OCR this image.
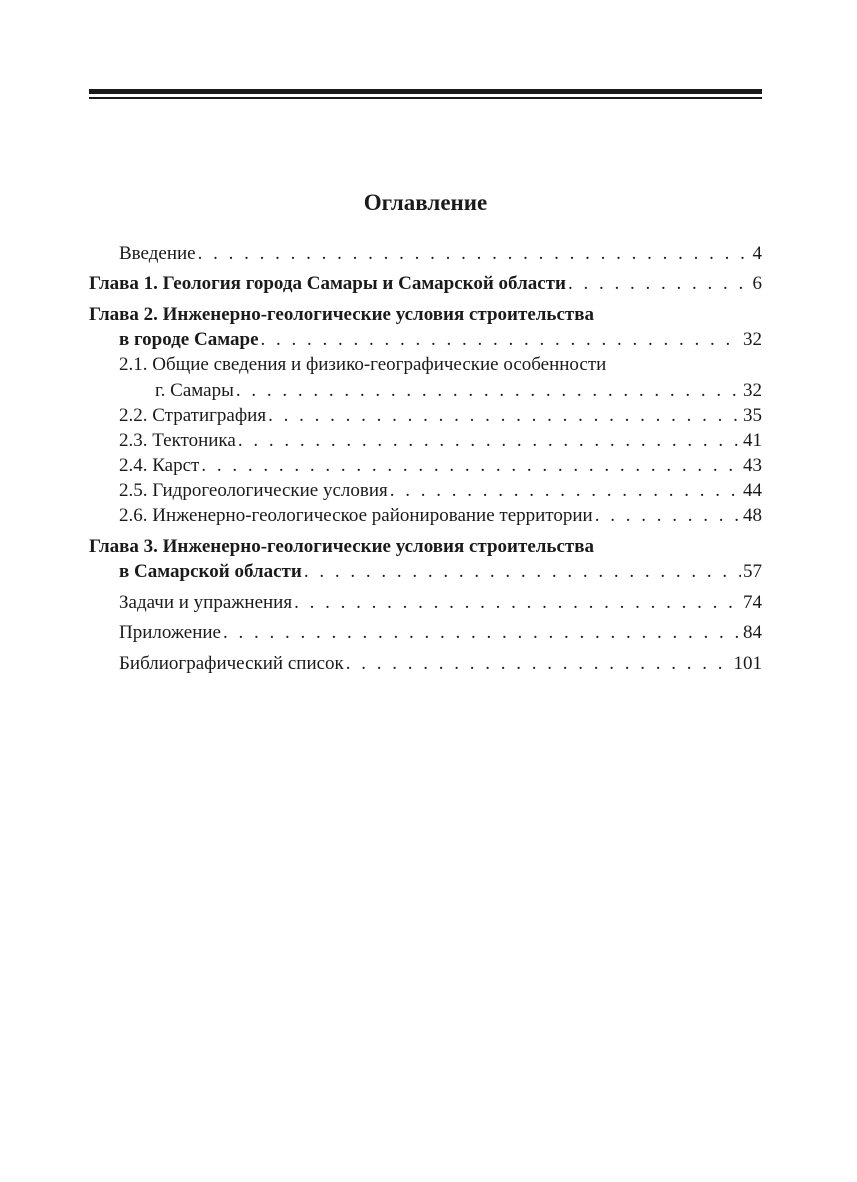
Оглавление
Введение . . .	4
Глава 1. Геология города Самары и Самарской области . . .	6
Глава 2. Инженерно-геологические условия строительства
в городе Самаре . . .	32
2.1. Общие сведения и физико-географические особенности
г. Самары . . .	32
2.2. Стратиграфия . . .	35
2.3. Тектоника . . .	41
2.4. Карст . . .	43
2.5. Гидрогеологические условия . . .	44
2.6. Инженерно-геологическое районирование территории . . .	48
Глава 3. Инженерно-геологические условия строительства
в Самарской области . . .	57
Задачи и упражнения . . .	74
Приложение . . .	84
Библиографический список . . .	101
